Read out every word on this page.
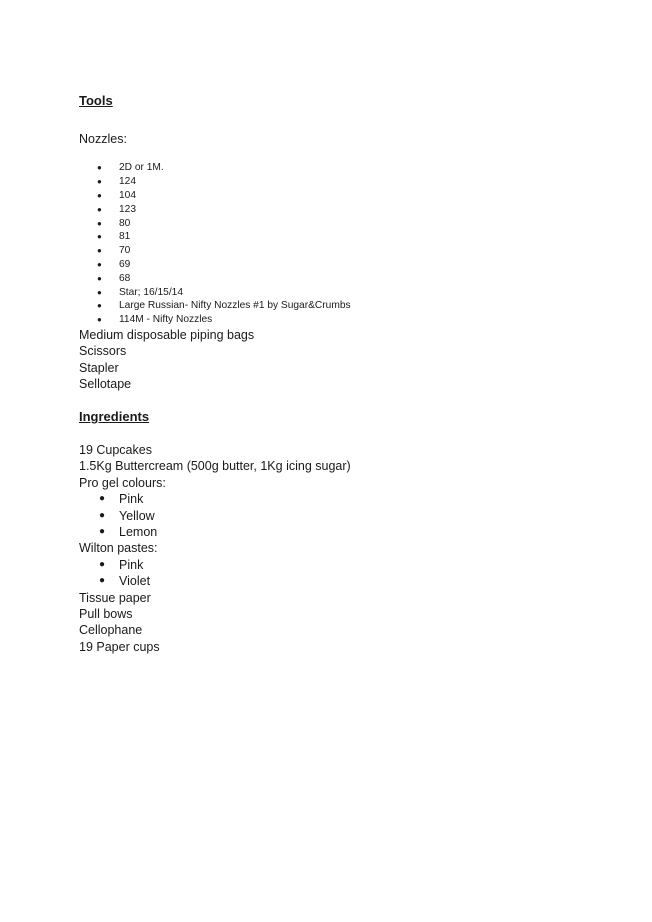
Tools
Nozzles:
● 2D or 1M.
● 124
● 104
● 123
● 80
● 81
● 70
● 69
● 68
● Star; 16/15/14
● Large Russian- Nifty Nozzles #1 by Sugar&Crumbs
● 114M - Nifty Nozzles
Medium disposable piping bags
Scissors
Stapler
Sellotape
Ingredients
19 Cupcakes
1.5Kg Buttercream (500g butter, 1Kg icing sugar)
Pro gel colours:
● Pink
● Yellow
● Lemon
Wilton pastes:
● Pink
● Violet
Tissue paper
Pull bows
Cellophane
19 Paper cups
